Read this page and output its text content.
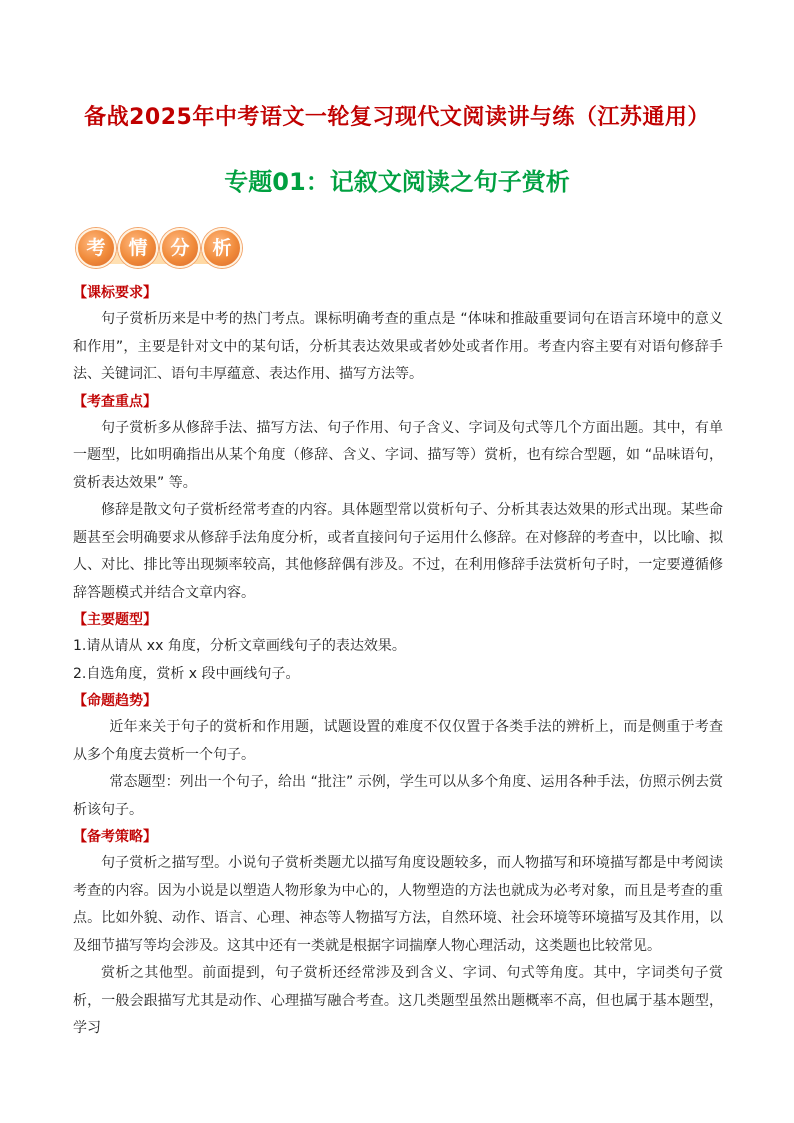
备战2025年中考语文一轮复习现代文阅读讲与练（江苏通用）
专题01：记叙文阅读之句子赏析
考	情	分	析
【课标要求】

句子赏析历来是中考的热门考点。课标明确考查的重点是 “体味和推敲重要词句在语言环境中的意义和作用”，主要是针对文中的某句话，分析其表达效果或者妙处或者作用。考查内容主要有对语句修辞手法、关键词汇、语句丰厚蕴意、表达作用、描写方法等。

【考查重点】

句子赏析多从修辞手法、描写方法、句子作用、句子含义、字词及句式等几个方面出题。其中，有单一题型，比如明确指出从某个角度（修辞、含义、字词、描写等）赏析，也有综合型题，如 “品味语句，赏析表达效果” 等。

修辞是散文句子赏析经常考查的内容。具体题型常以赏析句子、分析其表达效果的形式出现。某些命题甚至会明确要求从修辞手法角度分析，或者直接问句子运用什么修辞。在对修辞的考查中，以比喻、拟人、对比、排比等出现频率较高，其他修辞偶有涉及。不过，在利用修辞手法赏析句子时，一定要遵循修辞答题模式并结合文章内容。

【主要题型】

1.请从请从 xx 角度，分析文章画线句子的表达效果。

2.自选角度，赏析 x 段中画线句子。

【命题趋势】

近年来关于句子的赏析和作用题，试题设置的难度不仅仅置于各类手法的辨析上，而是侧重于考查从多个角度去赏析一个句子。

常态题型：列出一个句子，给出 “批注” 示例，学生可以从多个角度、运用各种手法，仿照示例去赏析该句子。

【备考策略】

句子赏析之描写型。小说句子赏析类题尤以描写角度设题较多，而人物描写和环境描写都是中考阅读考查的内容。因为小说是以塑造人物形象为中心的，人物塑造的方法也就成为必考对象，而且是考查的重点。比如外貌、动作、语言、心理、神态等人物描写方法，自然环境、社会环境等环境描写及其作用，以及细节描写等均会涉及。这其中还有一类就是根据字词揣摩人物心理活动，这类题也比较常见。

赏析之其他型。前面提到，句子赏析还经常涉及到含义、字词、句式等角度。其中，字词类句子赏析，一般会跟描写尤其是动作、心理描写融合考查。这几类题型虽然出题概率不高，但也属于基本题型，学习
